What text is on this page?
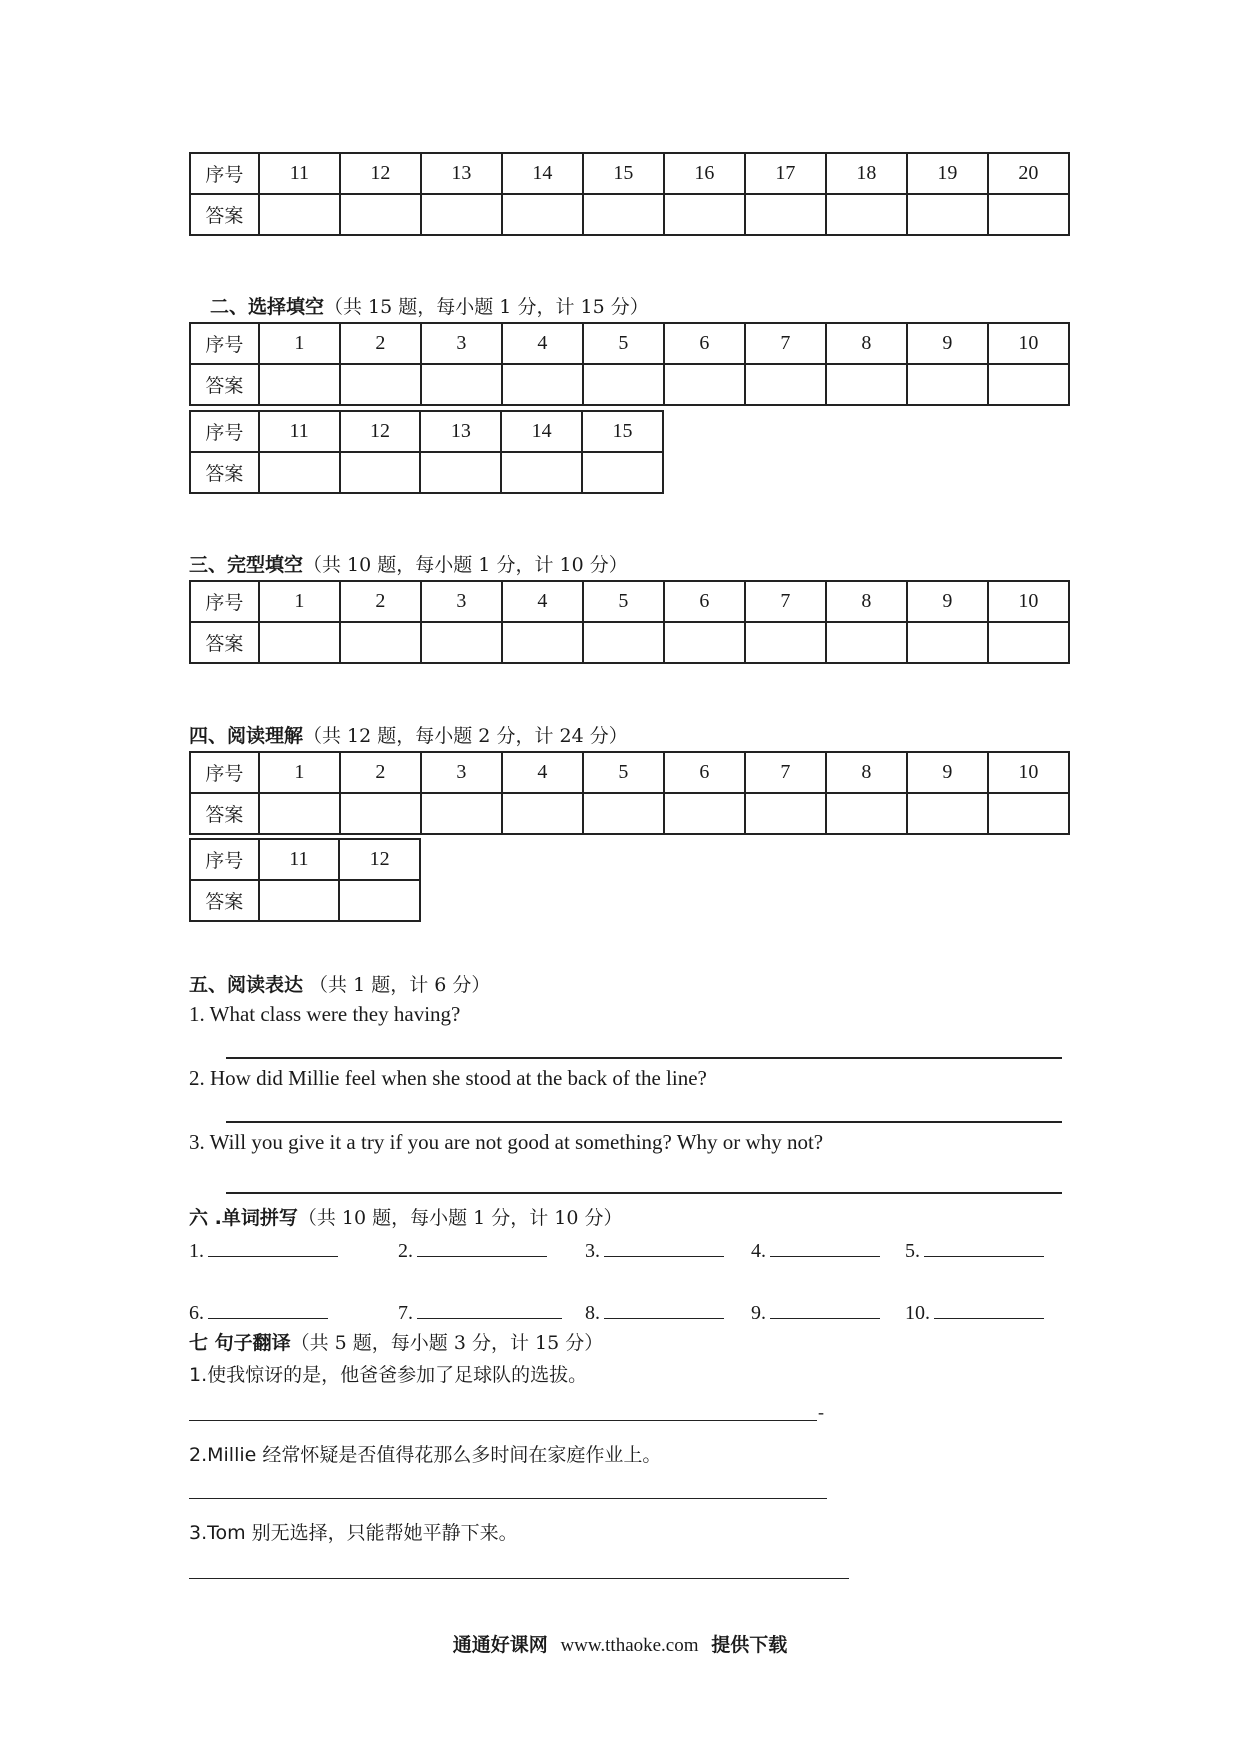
序号	11	12	13	14	15	16	17	18	19	20
答案										
二、选择填空（共 15 题，每小题 1 分，计 15 分）
序号	1	2	3	4	5	6	7	8	9	10
答案										
序号	11	12	13	14	15
答案					
三、完型填空（共 10 题，每小题 1 分，计 10 分）
序号	1	2	3	4	5	6	7	8	9	10
答案										
四、阅读理解（共 12 题，每小题 2 分，计 24 分）
序号	1	2	3	4	5	6	7	8	9	10
答案										
序号	11	12
答案		
五、阅读表达 （共 1 题，计 6 分）
1. What class were they having?
2. How did Millie feel when she stood at the back of the line?
3. Will you give it a try if you are not good at something? Why or why not?
六 .单词拼写（共 10 题，每小题 1 分，计 10 分）
1.	2.	3.	4.	5.
6.	7.	8.	9.	10.
七 句子翻译（共 5 题，每小题 3 分，计 15 分）
1.使我惊讶的是，他爸爸参加了足球队的选拔。
-
2.Millie 经常怀疑是否值得花那么多时间在家庭作业上。
3.Tom 别无选择，只能帮她平静下来。
通通好课网 www.tthaoke.com 提供下载
